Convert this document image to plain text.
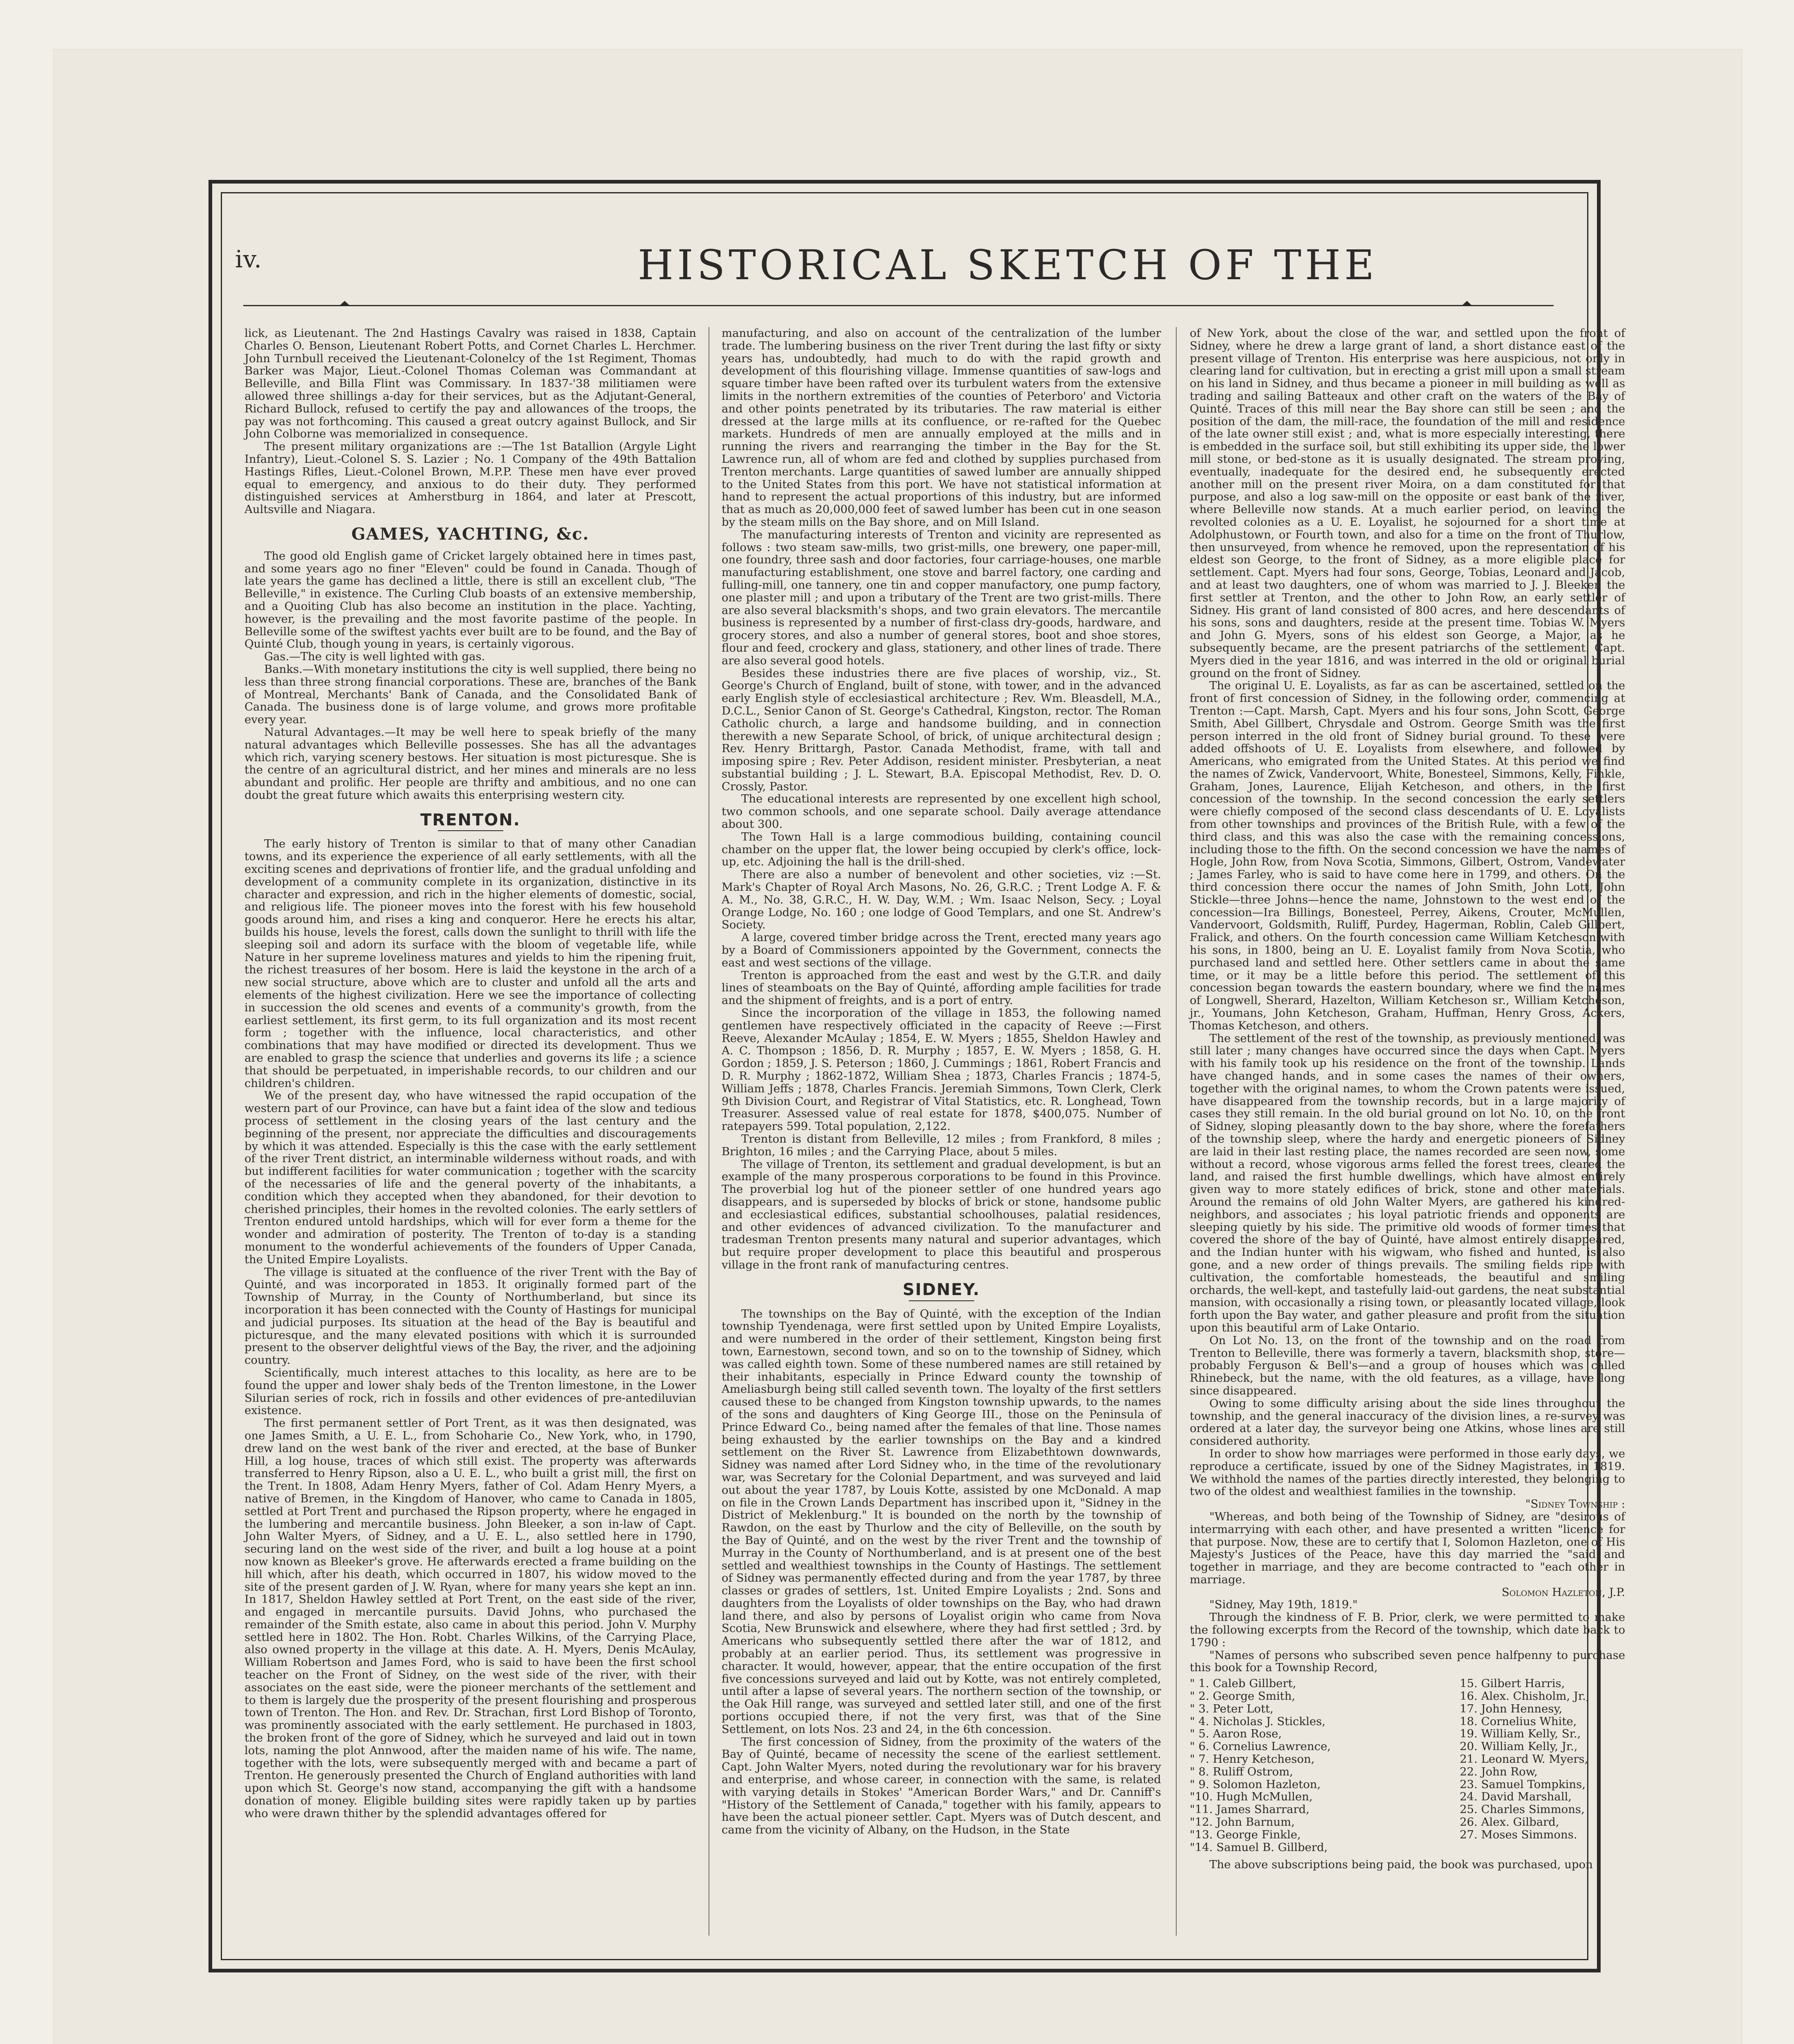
iv.	HISTORICAL SKETCH OF THE

lick, as Lieutenant. The 2nd Hastings Cavalry was raised in 1838, Captain Charles O. Benson, Lieutenant Robert Potts, and Cornet Charles L. Herchmer. John Turnbull received the Lieutenant-Colonelcy of the 1st Regiment, Thomas Barker was Major, Lieut.-Colonel Thomas Coleman was Commandant at Belleville, and Billa Flint was Commissary. In 1837-'38 militiamen were allowed three shillings a-day for their services, but as the Adjutant-General, Richard Bullock, refused to certify the pay and allowances of the troops, the pay was not forthcoming. This caused a great outcry against Bullock, and Sir John Colborne was memorialized in consequence.

The present military organizations are :—The 1st Batallion (Argyle Light Infantry), Lieut.-Colonel S. S. Lazier ; No. 1 Company of the 49th Battalion Hastings Rifles, Lieut.-Colonel Brown, M.P.P. These men have ever proved equal to emergency, and anxious to do their duty. They performed distinguished services at Amherstburg in 1864, and later at Prescott, Aultsville and Niagara.

GAMES, YACHTING, &c.

The good old English game of Cricket largely obtained here in times past, and some years ago no finer "Eleven" could be found in Canada. Though of late years the game has declined a little, there is still an excellent club, "The Belleville," in existence. The Curling Club boasts of an extensive membership, and a Quoiting Club has also become an institution in the place. Yachting, however, is the prevailing and the most favorite pastime of the people. In Belleville some of the swiftest yachts ever built are to be found, and the Bay of Quinté Club, though young in years, is certainly vigorous.

Gas.—The city is well lighted with gas.

Banks.—With monetary institutions the city is well supplied, there being no less than three strong financial corporations. These are, branches of the Bank of Montreal, Merchants' Bank of Canada, and the Consolidated Bank of Canada. The business done is of large volume, and grows more profitable every year.

Natural Advantages.—It may be well here to speak briefly of the many natural advantages which Belleville possesses. She has all the advantages which rich, varying scenery bestows. Her situation is most picturesque. She is the centre of an agricultural district, and her mines and minerals are no less abundant and prolific. Her people are thrifty and ambitious, and no one can doubt the great future which awaits this enterprising western city.

TRENTON.

The early history of Trenton is similar to that of many other Canadian towns, and its experience the experience of all early settlements, with all the exciting scenes and deprivations of frontier life, and the gradual unfolding and development of a community complete in its organization, distinctive in its character and expression, and rich in the higher elements of domestic, social, and religious life. The pioneer moves into the forest with his few household goods around him, and rises a king and conqueror. Here he erects his altar, builds his house, levels the forest, calls down the sunlight to thrill with life the sleeping soil and adorn its surface with the bloom of vegetable life, while Nature in her supreme loveliness matures and yields to him the ripening fruit, the richest treasures of her bosom. Here is laid the keystone in the arch of a new social structure, above which are to cluster and unfold all the arts and elements of the highest civilization. Here we see the importance of collecting in succession the old scenes and events of a community's growth, from the earliest settlement, its first germ, to its full organization and its most recent form ; together with the influence, local characteristics, and other combinations that may have modified or directed its development. Thus we are enabled to grasp the science that underlies and governs its life ; a science that should be perpetuated, in imperishable records, to our children and our children's children.

We of the present day, who have witnessed the rapid occupation of the western part of our Province, can have but a faint idea of the slow and tedious process of settlement in the closing years of the last century and the beginning of the present, nor appreciate the difficulties and discouragements by which it was attended. Especially is this the case with the early settlement of the river Trent district, an interminable wilderness without roads, and with but indifferent facilities for water communication ; together with the scarcity of the necessaries of life and the general poverty of the inhabitants, a condition which they accepted when they abandoned, for their devotion to cherished principles, their homes in the revolted colonies. The early settlers of Trenton endured untold hardships, which will for ever form a theme for the wonder and admiration of posterity. The Trenton of to-day is a standing monument to the wonderful achievements of the founders of Upper Canada, the United Empire Loyalists.

The village is situated at the confluence of the river Trent with the Bay of Quinté, and was incorporated in 1853. It originally formed part of the Township of Murray, in the County of Northumberland, but since its incorporation it has been connected with the County of Hastings for municipal and judicial purposes. Its situation at the head of the Bay is beautiful and picturesque, and the many elevated positions with which it is surrounded present to the observer delightful views of the Bay, the river, and the adjoining country.

Scientifically, much interest attaches to this locality, as here are to be found the upper and lower shaly beds of the Trenton limestone, in the Lower Silurian series of rock, rich in fossils and other evidences of pre-antediluvian existence.

The first permanent settler of Port Trent, as it was then designated, was one James Smith, a U. E. L., from Schoharie Co., New York, who, in 1790, drew land on the west bank of the river and erected, at the base of Bunker Hill, a log house, traces of which still exist. The property was afterwards transferred to Henry Ripson, also a U. E. L., who built a grist mill, the first on the Trent. In 1808, Adam Henry Myers, father of Col. Adam Henry Myers, a native of Bremen, in the Kingdom of Hanover, who came to Canada in 1805, settled at Port Trent and purchased the Ripson property, where he engaged in the lumbering and mercantile business. John Bleeker, a son in-law of Capt. John Walter Myers, of Sidney, and a U. E. L., also settled here in 1790, securing land on the west side of the river, and built a log house at a point now known as Bleeker's grove. He afterwards erected a frame building on the hill which, after his death, which occurred in 1807, his widow moved to the site of the present garden of J. W. Ryan, where for many years she kept an inn. In 1817, Sheldon Hawley settled at Port Trent, on the east side of the river, and engaged in mercantile pursuits. David Johns, who purchased the remainder of the Smith estate, also came in about this period. John V. Murphy settled here in 1802. The Hon. Robt. Charles Wilkins, of the Carrying Place, also owned property in the village at this date. A. H. Myers, Denis McAulay, William Robertson and James Ford, who is said to have been the first school teacher on the Front of Sidney, on the west side of the river, with their associates on the east side, were the pioneer merchants of the settlement and to them is largely due the prosperity of the present flourishing and prosperous town of Trenton. The Hon. and Rev. Dr. Strachan, first Lord Bishop of Toronto, was prominently associated with the early settlement. He purchased in 1803, the broken front of the gore of Sidney, which he surveyed and laid out in town lots, naming the plot Annwood, after the maiden name of his wife. The name, together with the lots, were subsequently merged with and became a part of Trenton. He generously presented the Church of England authorities with land upon which St. George's now stand, accompanying the gift with a handsome donation of money. Eligible building sites were rapidly taken up by parties who were drawn thither by the splendid advantages offered for

manufacturing, and also on account of the centralization of the lumber trade. The lumbering business on the river Trent during the last fifty or sixty years has, undoubtedly, had much to do with the rapid growth and development of this flourishing village. Immense quantities of saw-logs and square timber have been rafted over its turbulent waters from the extensive limits in the northern extremities of the counties of Peterboro' and Victoria and other points penetrated by its tributaries. The raw material is either dressed at the large mills at its confluence, or re-rafted for the Quebec markets. Hundreds of men are annually employed at the mills and in running the rivers and rearranging the timber in the Bay for the St. Lawrence run, all of whom are fed and clothed by supplies purchased from Trenton merchants. Large quantities of sawed lumber are annually shipped to the United States from this port. We have not statistical information at hand to represent the actual proportions of this industry, but are informed that as much as 20,000,000 feet of sawed lumber has been cut in one season by the steam mills on the Bay shore, and on Mill Island.

The manufacturing interests of Trenton and vicinity are represented as follows : two steam saw-mills, two grist-mills, one brewery, one paper-mill, one foundry, three sash and door factories, four carriage-houses, one marble manufacturing establishment, one stove and barrel factory, one carding and fulling-mill, one tannery, one tin and copper manufactory, one pump factory, one plaster mill ; and upon a tributary of the Trent are two grist-mills. There are also several blacksmith's shops, and two grain elevators. The mercantile business is represented by a number of first-class dry-goods, hardware, and grocery stores, and also a number of general stores, boot and shoe stores, flour and feed, crockery and glass, stationery, and other lines of trade. There are also several good hotels.

Besides these industries there are five places of worship, viz., St. George's Church of England, built of stone, with tower, and in the advanced early English style of ecclesiastical architecture ; Rev. Wm. Bleasdell, M.A., D.C.L., Senior Canon of St. George's Cathedral, Kingston, rector. The Roman Catholic church, a large and handsome building, and in connection therewith a new Separate School, of brick, of unique architectural design ; Rev. Henry Brittargh, Pastor. Canada Methodist, frame, with tall and imposing spire ; Rev. Peter Addison, resident minister. Presbyterian, a neat substantial building ; J. L. Stewart, B.A. Episcopal Methodist, Rev. D. O. Crossly, Pastor.

The educational interests are represented by one excellent high school, two common schools, and one separate school. Daily average attendance about 300.

The Town Hall is a large commodious building, containing council chamber on the upper flat, the lower being occupied by clerk's office, lock-up, etc. Adjoining the hall is the drill-shed.

There are also a number of benevolent and other societies, viz :—St. Mark's Chapter of Royal Arch Masons, No. 26, G.R.C. ; Trent Lodge A. F. & A. M., No. 38, G.R.C., H. W. Day, W.M. ; Wm. Isaac Nelson, Secy. ; Loyal Orange Lodge, No. 160 ; one lodge of Good Templars, and one St. Andrew's Society.

A large, covered timber bridge across the Trent, erected many years ago by a Board of Commissioners appointed by the Government, connects the east and west sections of the village.

Trenton is approached from the east and west by the G.T.R. and daily lines of steamboats on the Bay of Quinté, affording ample facilities for trade and the shipment of freights, and is a port of entry.

Since the incorporation of the village in 1853, the following named gentlemen have respectively officiated in the capacity of Reeve :—First Reeve, Alexander McAulay ; 1854, E. W. Myers ; 1855, Sheldon Hawley and A. C. Thompson ; 1856, D. R. Murphy ; 1857, E. W. Myers ; 1858, G. H. Gordon ; 1859, J. S. Peterson ; 1860, J. Cummings ; 1861, Robert Francis and D. R. Murphy ; 1862-1872, William Shea ; 1873, Charles Francis ; 1874-5, William Jeffs ; 1878, Charles Francis. Jeremiah Simmons, Town Clerk, Clerk 9th Division Court, and Registrar of Vital Statistics, etc. R. Longhead, Town Treasurer. Assessed value of real estate for 1878, $400,075. Number of ratepayers 599. Total population, 2,122.

Trenton is distant from Belleville, 12 miles ; from Frankford, 8 miles ; Brighton, 16 miles ; and the Carrying Place, about 5 miles.

The village of Trenton, its settlement and gradual development, is but an example of the many prosperous corporations to be found in this Province. The proverbial log hut of the pioneer settler of one hundred years ago disappears, and is superseded by blocks of brick or stone, handsome public and ecclesiastical edifices, substantial schoolhouses, palatial residences, and other evidences of advanced civilization. To the manufacturer and tradesman Trenton presents many natural and superior advantages, which but require proper development to place this beautiful and prosperous village in the front rank of manufacturing centres.

SIDNEY.

The townships on the Bay of Quinté, with the exception of the Indian township Tyendenaga, were first settled upon by United Empire Loyalists, and were numbered in the order of their settlement, Kingston being first town, Earnestown, second town, and so on to the township of Sidney, which was called eighth town. Some of these numbered names are still retained by their inhabitants, especially in Prince Edward county the township of Ameliasburgh being still called seventh town. The loyalty of the first settlers caused these to be changed from Kingston township upwards, to the names of the sons and daughters of King George III., those on the Peninsula of Prince Edward Co., being named after the females of that line. Those names being exhausted by the earlier townships on the Bay and a kindred settlement on the River St. Lawrence from Elizabethtown downwards, Sidney was named after Lord Sidney who, in the time of the revolutionary war, was Secretary for the Colonial Department, and was surveyed and laid out about the year 1787, by Louis Kotte, assisted by one McDonald. A map on file in the Crown Lands Department has inscribed upon it, "Sidney in the District of Meklenburg." It is bounded on the north by the township of Rawdon, on the east by Thurlow and the city of Belleville, on the south by the Bay of Quinté, and on the west by the river Trent and the township of Murray in the County of Northumberland, and is at present one of the best settled and wealthiest townships in the County of Hastings. The settlement of Sidney was permanently effected during and from the year 1787, by three classes or grades of settlers, 1st. United Empire Loyalists ; 2nd. Sons and daughters from the Loyalists of older townships on the Bay, who had drawn land there, and also by persons of Loyalist origin who came from Nova Scotia, New Brunswick and elsewhere, where they had first settled ; 3rd. by Americans who subsequently settled there after the war of 1812, and probably at an earlier period. Thus, its settlement was progressive in character. It would, however, appear, that the entire occupation of the first five concessions surveyed and laid out by Kotte, was not entirely completed, until after a lapse of several years. The northern section of the township, or the Oak Hill range, was surveyed and settled later still, and one of the first portions occupied there, if not the very first, was that of the Sine Settlement, on lots Nos. 23 and 24, in the 6th concession.

The first concession of Sidney, from the proximity of the waters of the Bay of Quinté, became of necessity the scene of the earliest settlement. Capt. John Walter Myers, noted during the revolutionary war for his bravery and enterprise, and whose career, in connection with the same, is related with varying details in Stokes' "American Border Wars," and Dr. Canniff's "History of the Settlement of Canada," together with his family, appears to have been the actual pioneer settler. Capt. Myers was of Dutch descent, and came from the vicinity of Albany, on the Hudson, in the State

of New York, about the close of the war, and settled upon the front of Sidney, where he drew a large grant of land, a short distance east of the present village of Trenton. His enterprise was here auspicious, not only in clearing land for cultivation, but in erecting a grist mill upon a small stream on his land in Sidney, and thus became a pioneer in mill building as well as trading and sailing Batteaux and other craft on the waters of the Bay of Quinté. Traces of this mill near the Bay shore can still be seen ; and the position of the dam, the mill-race, the foundation of the mill and residence of the late owner still exist ; and, what is more especially interesting, there is embedded in the surface soil, but still exhibiting its upper side, the lower mill stone, or bed-stone as it is usually designated. The stream proving, eventually, inadequate for the desired end, he subsequently erected another mill on the present river Moira, on a dam constituted for that purpose, and also a log saw-mill on the opposite or east bank of the river, where Belleville now stands. At a much earlier period, on leaving the revolted colonies as a U. E. Loyalist, he sojourned for a short time at Adolphustown, or Fourth town, and also for a time on the front of Thurlow, then unsurveyed, from whence he removed, upon the representation of his eldest son George, to the front of Sidney, as a more eligible place for settlement. Capt. Myers had four sons, George, Tobias, Leonard and Jacob, and at least two daughters, one of whom was married to J. J. Bleeker, the first settler at Trenton, and the other to John Row, an early settler of Sidney. His grant of land consisted of 800 acres, and here descendants of his sons, sons and daughters, reside at the present time. Tobias W. Myers and John G. Myers, sons of his eldest son George, a Major, as he subsequently became, are the present patriarchs of the settlement. Capt. Myers died in the year 1816, and was interred in the old or original burial ground on the front of Sidney.

The original U. E. Loyalists, as far as can be ascertained, settled on the front of first concession of Sidney, in the following order, commencing at Trenton :—Capt. Marsh, Capt. Myers and his four sons, John Scott, George Smith, Abel Gillbert, Chrysdale and Ostrom. George Smith was the first person interred in the old front of Sidney burial ground. To these were added offshoots of U. E. Loyalists from elsewhere, and followed by Americans, who emigrated from the United States. At this period we find the names of Zwick, Vandervoort, White, Bonesteel, Simmons, Kelly, Finkle, Graham, Jones, Laurence, Elijah Ketcheson, and others, in the first concession of the township. In the second concession the early settlers were chiefly composed of the second class descendants of U. E. Loyalists from other townships and provinces of the British Rule, with a few of the third class, and this was also the case with the remaining concessions, including those to the fifth. On the second concession we have the names of Hogle, John Row, from Nova Scotia, Simmons, Gilbert, Ostrom, Vandewater ; James Farley, who is said to have come here in 1799, and others. On the third concession there occur the names of John Smith, John Lott, John Stickle—three Johns—hence the name, Johnstown to the west end of the concession—Ira Billings, Bonesteel, Perrey, Aikens, Crouter, McMullen, Vandervoort, Goldsmith, Ruliff, Purdey, Hagerman, Roblin, Caleb Gillbert, Fralick, and others. On the fourth concession came William Ketcheson with his sons, in 1800, being an U. E. Loyalist family from Nova Scotia, who purchased land and settled here. Other settlers came in about the same time, or it may be a little before this period. The settlement of this concession began towards the eastern boundary, where we find the names of Longwell, Sherard, Hazelton, William Ketcheson sr., William Ketcheson, jr., Youmans, John Ketcheson, Graham, Huffman, Henry Gross, Ackers, Thomas Ketcheson, and others.

The settlement of the rest of the township, as previously mentioned, was still later ; many changes have occurred since the days when Capt. Myers with his family took up his residence on the front of the township. Lands have changed hands, and in some cases the names of their owners, together with the original names, to whom the Crown patents were issued, have disappeared from the township records, but in a large majority of cases they still remain. In the old burial ground on lot No. 10, on the front of Sidney, sloping pleasantly down to the bay shore, where the forefathers of the township sleep, where the hardy and energetic pioneers of Sidney are laid in their last resting place, the names recorded are seen now, some without a record, whose vigorous arms felled the forest trees, cleared the land, and raised the first humble dwellings, which have almost entirely given way to more stately edifices of brick, stone and other materials. Around the remains of old John Walter Myers, are gathered his kindred-neighbors, and associates ; his loyal patriotic friends and opponents are sleeping quietly by his side. The primitive old woods of former times that covered the shore of the bay of Quinté, have almost entirely disappeared, and the Indian hunter with his wigwam, who fished and hunted, is also gone, and a new order of things prevails. The smiling fields ripe with cultivation, the comfortable homesteads, the beautiful and smiling orchards, the well-kept, and tastefully laid-out gardens, the neat substantial mansion, with occasionally a rising town, or pleasantly located village, look forth upon the Bay water, and gather pleasure and profit from the situation upon this beautiful arm of Lake Ontario.

On Lot No. 13, on the front of the township and on the road from Trenton to Belleville, there was formerly a tavern, blacksmith shop, store—probably Ferguson & Bell's—and a group of houses which was called Rhinebeck, but the name, with the old features, as a village, have long since disappeared.

Owing to some difficulty arising about the side lines throughout the township, and the general inaccuracy of the division lines, a re-survey was ordered at a later day, the surveyor being one Atkins, whose lines are still considered authority.

In order to show how marriages were performed in those early days, we reproduce a certificate, issued by one of the Sidney Magistrates, in 1819. We withhold the names of the parties directly interested, they belonging to two of the oldest and wealthiest families in the township.

"Sidney Township :

"Whereas, and both being of the Township of Sidney, are "desirous of intermarrying with each other, and have presented a written "licence for that purpose. Now, these are to certify that I, Solomon Hazleton, one of His Majesty's Justices of the Peace, have this day married the "said and together in marriage, and they are become contracted to "each other in marriage.

Solomon Hazleton, J.P.

"Sidney, May 19th, 1819."

Through the kindness of F. B. Prior, clerk, we were permitted to make the following excerpts from the Record of the township, which date back to 1790 :

"Names of persons who subscribed seven pence halfpenny to purchase this book for a Township Record,

" 1. Caleb Gillbert,
" 2. George Smith,
" 3. Peter Lott,
" 4. Nicholas J. Stickles,
" 5. Aaron Rose,
" 6. Cornelius Lawrence,
" 7. Henry Ketcheson,
" 8. Ruliff Ostrom,
" 9. Solomon Hazleton,
"10. Hugh McMullen,
"11. James Sharrard,
"12. John Barnum,
"13. George Finkle,
"14. Samuel B. Gillberd,
15. Gilbert Harris,
16. Alex. Chisholm, Jr.,
17. John Hennesy,
18. Cornelius White,
19. William Kelly, Sr.,
20. William Kelly, Jr.,
21. Leonard W. Myers,
22. John Row,
23. Samuel Tompkins,
24. David Marshall,
25. Charles Simmons,
26. Alex. Gilbard,
27. Moses Simmons.

The above subscriptions being paid, the book was purchased, upon
